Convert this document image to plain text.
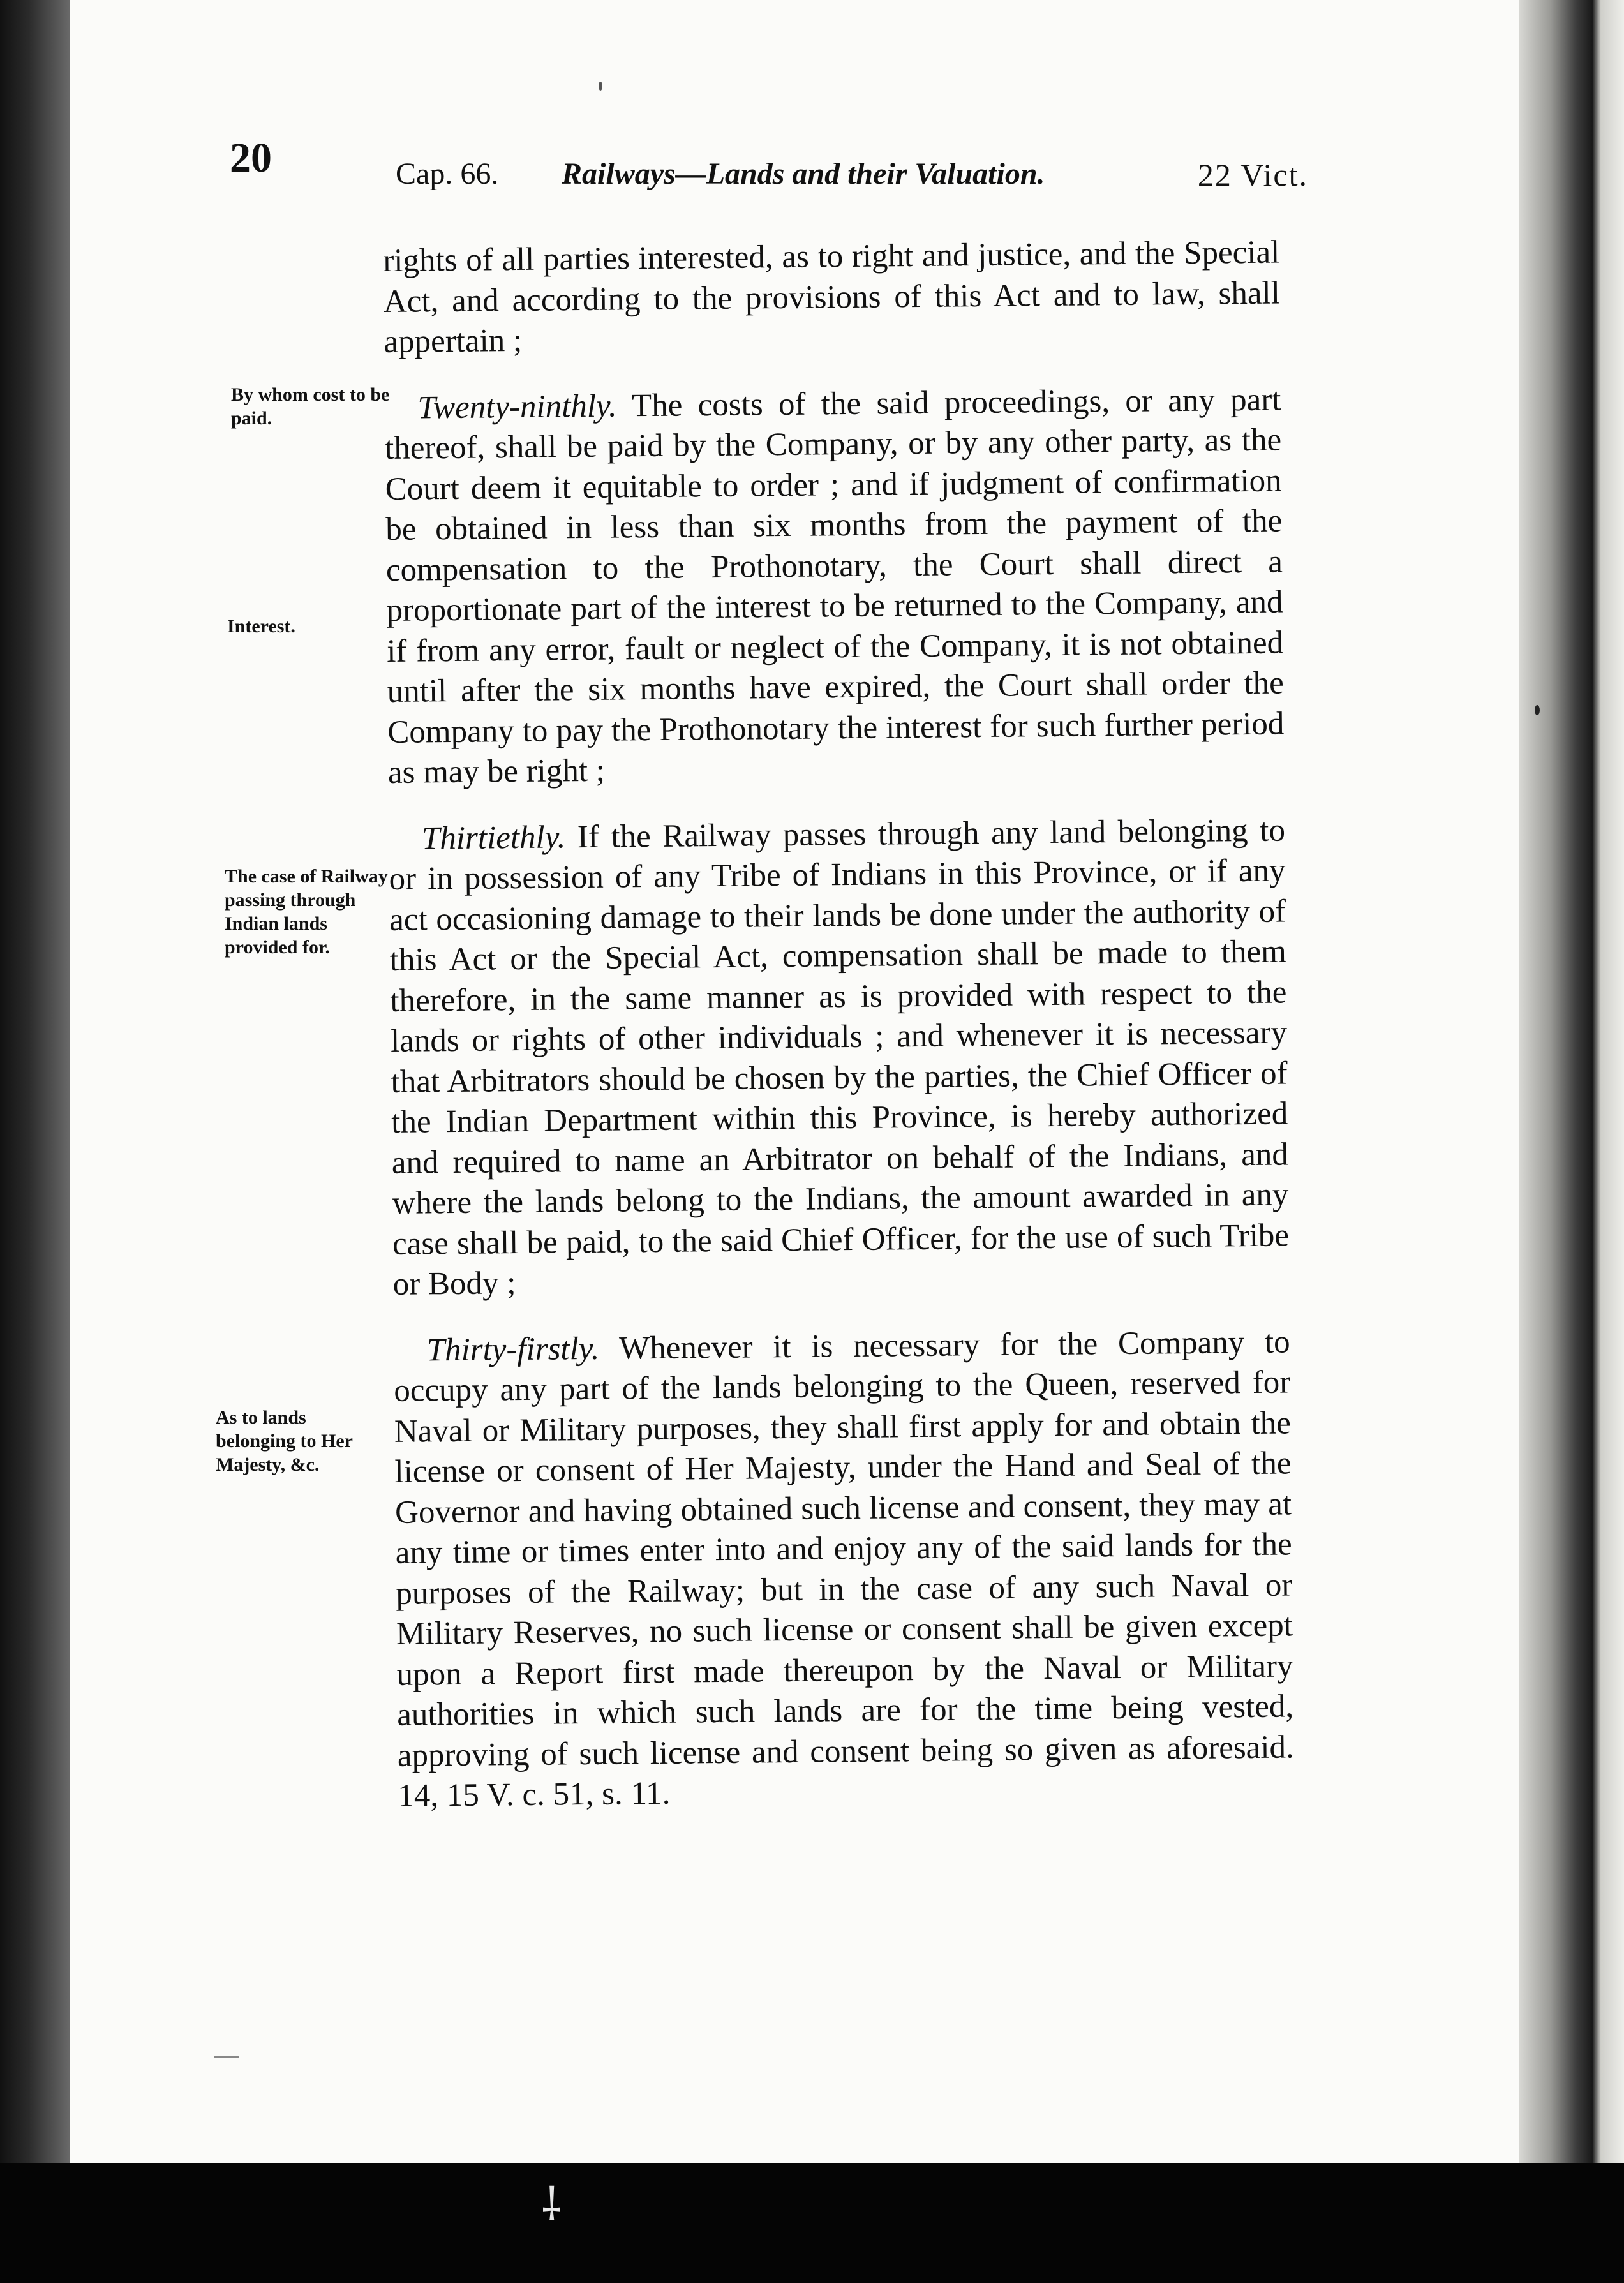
⸸
20	Cap. 66. Railways—Lands and their Valuation.	22 Vict.
By whom cost to be paid.
Interest.
The case of Railway passing through Indian lands provided for.
As to lands belonging to Her Majesty, &c.

rights of all parties interested, as to right and justice, and the Special Act, and according to the provisions of this Act and to law, shall appertain ;

Twenty-ninthly. The costs of the said proceedings, or any part thereof, shall be paid by the Company, or by any other party, as the Court deem it equitable to order ; and if judgment of confirmation be obtained in less than six months from the payment of the compensation to the Prothonotary, the Court shall direct a proportionate part of the interest to be returned to the Company, and if from any error, fault or neglect of the Company, it is not obtained until after the six months have expired, the Court shall order the Company to pay the Prothonotary the interest for such further period as may be right ;

Thirtiethly. If the Railway passes through any land belonging to or in possession of any Tribe of Indians in this Province, or if any act occasioning damage to their lands be done under the authority of this Act or the Special Act, compensation shall be made to them therefore, in the same manner as is provided with respect to the lands or rights of other individuals ; and whenever it is necessary that Arbitrators should be chosen by the parties, the Chief Officer of the Indian Department within this Province, is hereby authorized and required to name an Arbitrator on behalf of the Indians, and where the lands belong to the Indians, the amount awarded in any case shall be paid, to the said Chief Officer, for the use of such Tribe or Body ;

Thirty-firstly. Whenever it is necessary for the Company to occupy any part of the lands belonging to the Queen, reserved for Naval or Military purposes, they shall first apply for and obtain the license or consent of Her Majesty, under the Hand and Seal of the Governor and having obtained such license and consent, they may at any time or times enter into and enjoy any of the said lands for the purposes of the Railway; but in the case of any such Naval or Military Reserves, no such license or consent shall be given except upon a Report first made thereupon by the Naval or Military authorities in which such lands are for the time being vested, approving of such license and consent being so given as aforesaid. 14, 15 V. c. 51, s. 11.
